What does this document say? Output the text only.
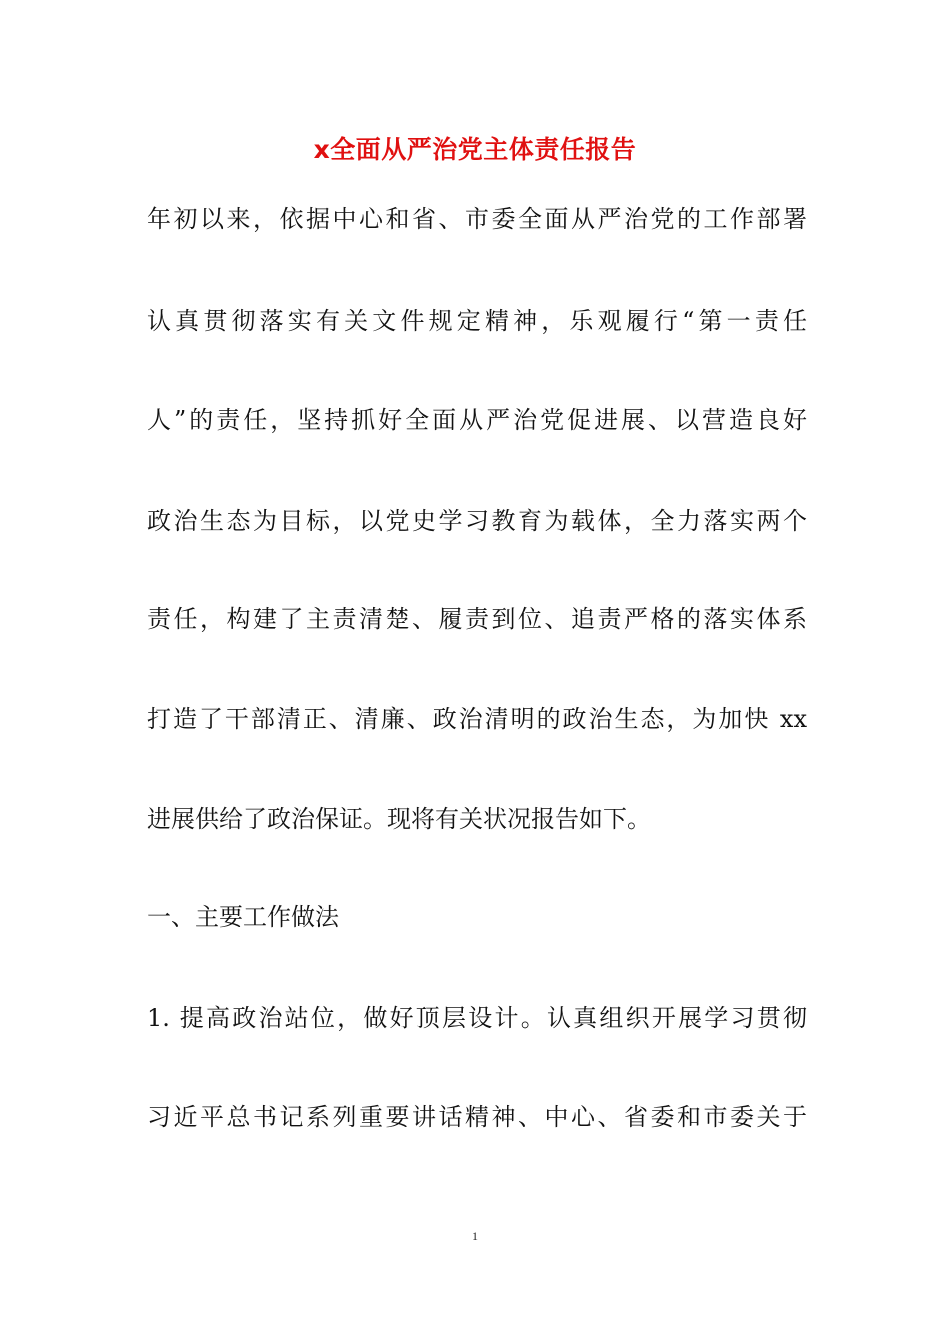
x全面从严治党主体责任报告
年初以来，依据中心和省、市委全面从严治党的工作部署
认真贯彻落实有关文件规定精神，乐观履行“第一责任
人”的责任，坚持抓好全面从严治党促进展、以营造良好
政治生态为目标，以党史学习教育为载体，全力落实两个
责任，构建了主责清楚、履责到位、追责严格的落实体系
打造了干部清正、清廉、政治清明的政治生态，为加快 xx
进展供给了政治保证。现将有关状况报告如下。
一、主要工作做法
1. 提高政治站位，做好顶层设计。认真组织开展学习贯彻
习近平总书记系列重要讲话精神、中心、省委和市委关于
1
